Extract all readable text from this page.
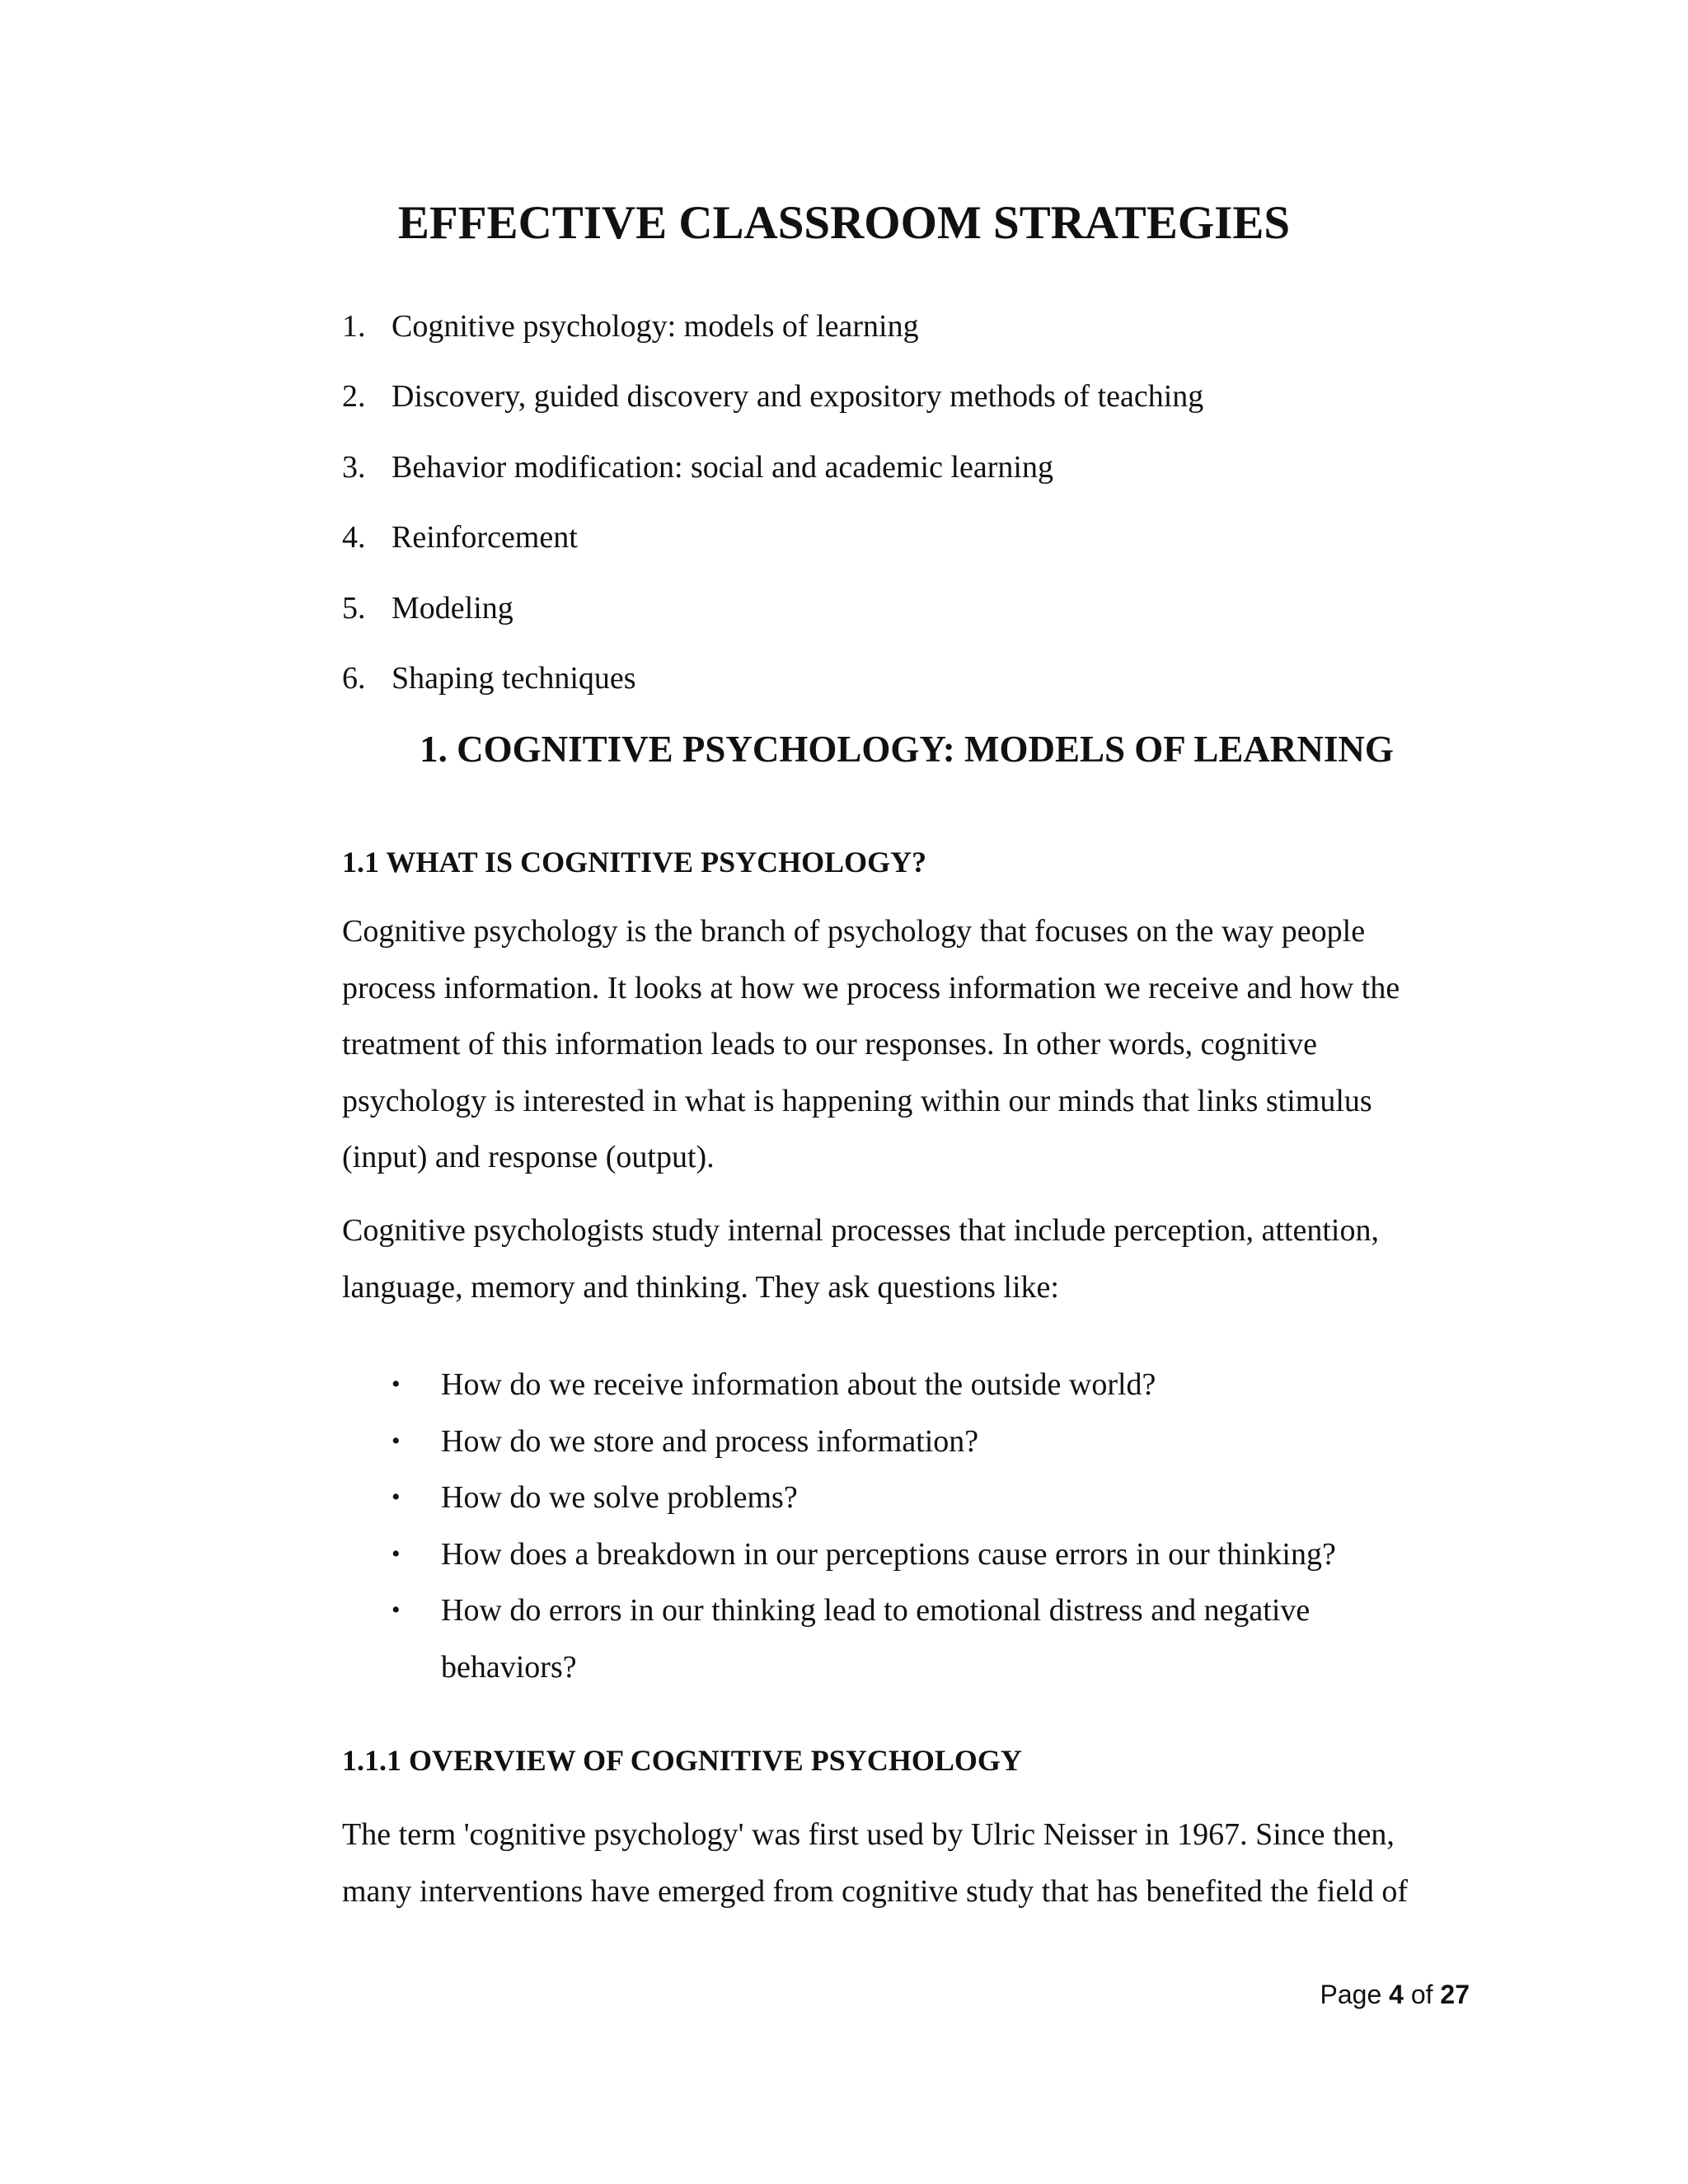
EFFECTIVE CLASSROOM STRATEGIES
1. Cognitive psychology: models of learning
2. Discovery, guided discovery and expository methods of teaching
3. Behavior modification: social and academic learning
4. Reinforcement
5. Modeling
6. Shaping techniques
1. COGNITIVE PSYCHOLOGY: MODELS OF LEARNING
1.1 WHAT IS COGNITIVE PSYCHOLOGY?

Cognitive psychology is the branch of psychology that focuses on the way people
process information. It looks at how we process information we receive and how the
treatment of this information leads to our responses. In other words, cognitive
psychology is interested in what is happening within our minds that links stimulus
(input) and response (output).

Cognitive psychologists study internal processes that include perception, attention,
language, memory and thinking. They ask questions like:

• How do we receive information about the outside world?
• How do we store and process information?
• How do we solve problems?
• How does a breakdown in our perceptions cause errors in our thinking?
• How do errors in our thinking lead to emotional distress and negative
behaviors?
1.1.1 OVERVIEW OF COGNITIVE PSYCHOLOGY

The term 'cognitive psychology' was first used by Ulric Neisser in 1967. Since then,
many interventions have emerged from cognitive study that has benefited the field of

Page 4 of 27
